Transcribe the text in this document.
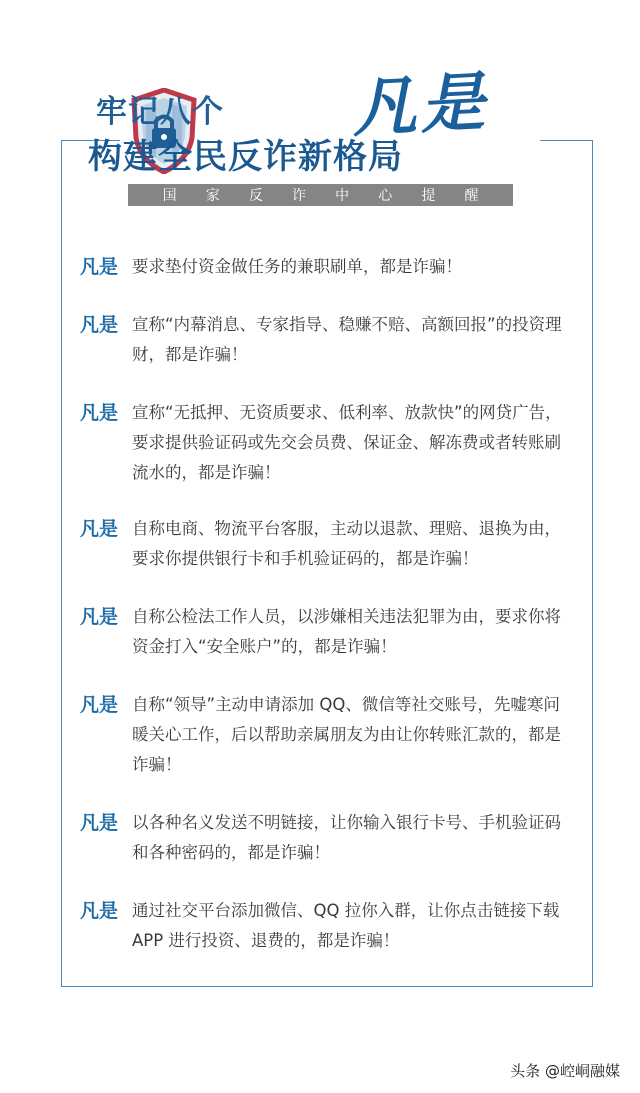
凡是
牢记八个
构建全民反诈新格局
国 家 反 诈 中 心 提 醒
凡是 要求垫付资金做任务的兼职刷单，都是诈骗！
凡是 宣称“内幕消息、专家指导、稳赚不赔、高额回报”的投资理财，都是诈骗！
凡是 宣称“无抵押、无资质要求、低利率、放款快”的网贷广告，要求提供验证码或先交会员费、保证金、解冻费或者转账刷流水的，都是诈骗！
凡是 自称电商、物流平台客服，主动以退款、理赔、退换为由，要求你提供银行卡和手机验证码的，都是诈骗！
凡是 自称公检法工作人员，以涉嫌相关违法犯罪为由，要求你将资金打入“安全账户”的，都是诈骗！
凡是 自称“领导”主动申请添加 QQ、微信等社交账号，先嘘寒问暖关心工作，后以帮助亲属朋友为由让你转账汇款的，都是诈骗！
凡是 以各种名义发送不明链接，让你输入银行卡号、手机验证码和各种密码的，都是诈骗！
凡是 通过社交平台添加微信、QQ 拉你入群，让你点击链接下载 APP 进行投资、退费的，都是诈骗！
头条 @崆峒融媒
